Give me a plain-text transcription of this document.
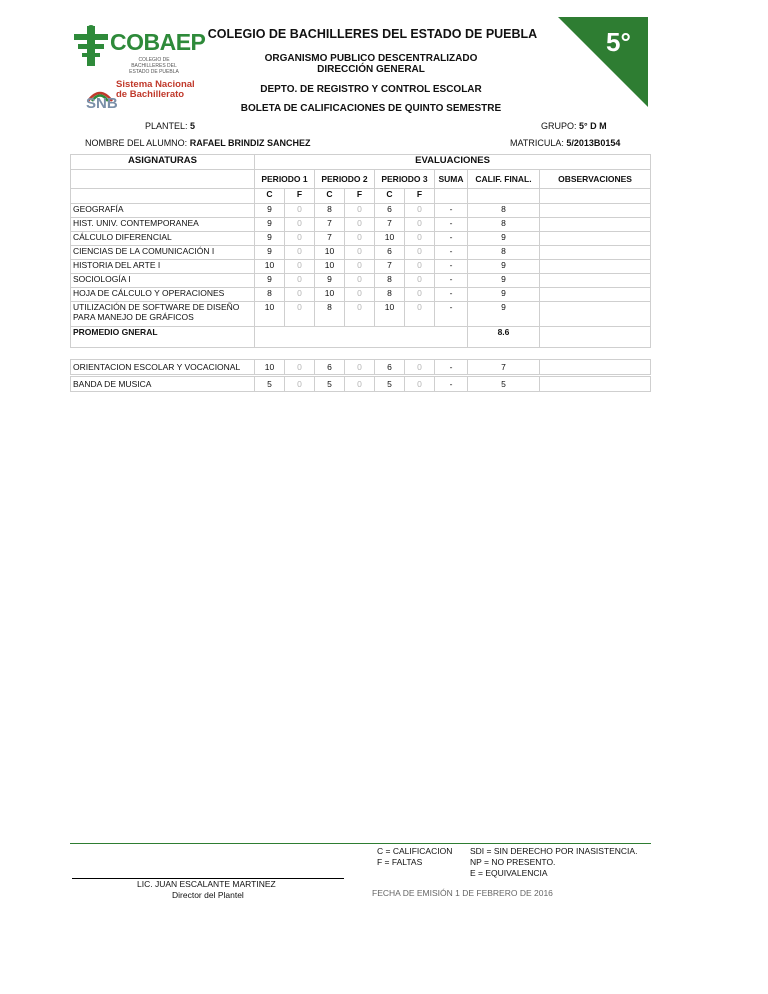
COBAEP
COLEGIO DE BACHILLERES DEL ESTADO DE PUEBLA
SNB
Sistema Nacional
de Bachillerato
5°
COLEGIO DE BACHILLERES DEL ESTADO DE PUEBLA
ORGANISMO PUBLICO DESCENTRALIZADO
DIRECCIÓN GENERAL
DEPTO. DE REGISTRO Y CONTROL ESCOLAR
BOLETA DE CALIFICACIONES DE QUINTO SEMESTRE
PLANTEL: 5	GRUPO: 5° D M
NOMBRE DEL ALUMNO: RAFAEL BRINDIZ SANCHEZ	MATRICULA: 5/2013B0154
ASIGNATURAS	EVALUACIONES								
	PERIODO 1		PERIODO 2		PERIODO 3		SUMA	CALIF. FINAL.	OBSERVACIONES
	C	F	C	F	C	F			
GEOGRAFÍA	9	0	8	0	6	0	-	8	
HIST. UNIV. CONTEMPORANEA	9	0	7	0	7	0	-	8	
CÁLCULO DIFERENCIAL	9	0	7	0	10	0	-	9	
CIENCIAS DE LA COMUNICACIÓN I	9	0	10	0	6	0	-	8	
HISTORIA DEL ARTE I	10	0	10	0	7	0	-	9	
SOCIOLOGÍA I	9	0	9	0	8	0	-	9	
HOJA DE CÁLCULO Y OPERACIONES	8	0	10	0	8	0	-	9	
UTILIZACIÓN DE SOFTWARE DE DISEÑO PARA MANEJO DE GRÁFICOS	10	0	8	0	10	0	-	9	
PROMEDIO GNERAL								8.6	
ORIENTACION ESCOLAR Y VOCACIONAL	10	0	6	0	6	0	-	7	
BANDA DE MUSICA	5	0	5	0	5	0	-	5	
C = CALIFICACION
F = FALTAS
SDI = SIN DERECHO POR INASISTENCIA.
NP = NO PRESENTO.
E = EQUIVALENCIA
LIC. JUAN ESCALANTE MARTINEZ
Director del Plantel	FECHA DE EMISIÓN 1 DE FEBRERO DE 2016
